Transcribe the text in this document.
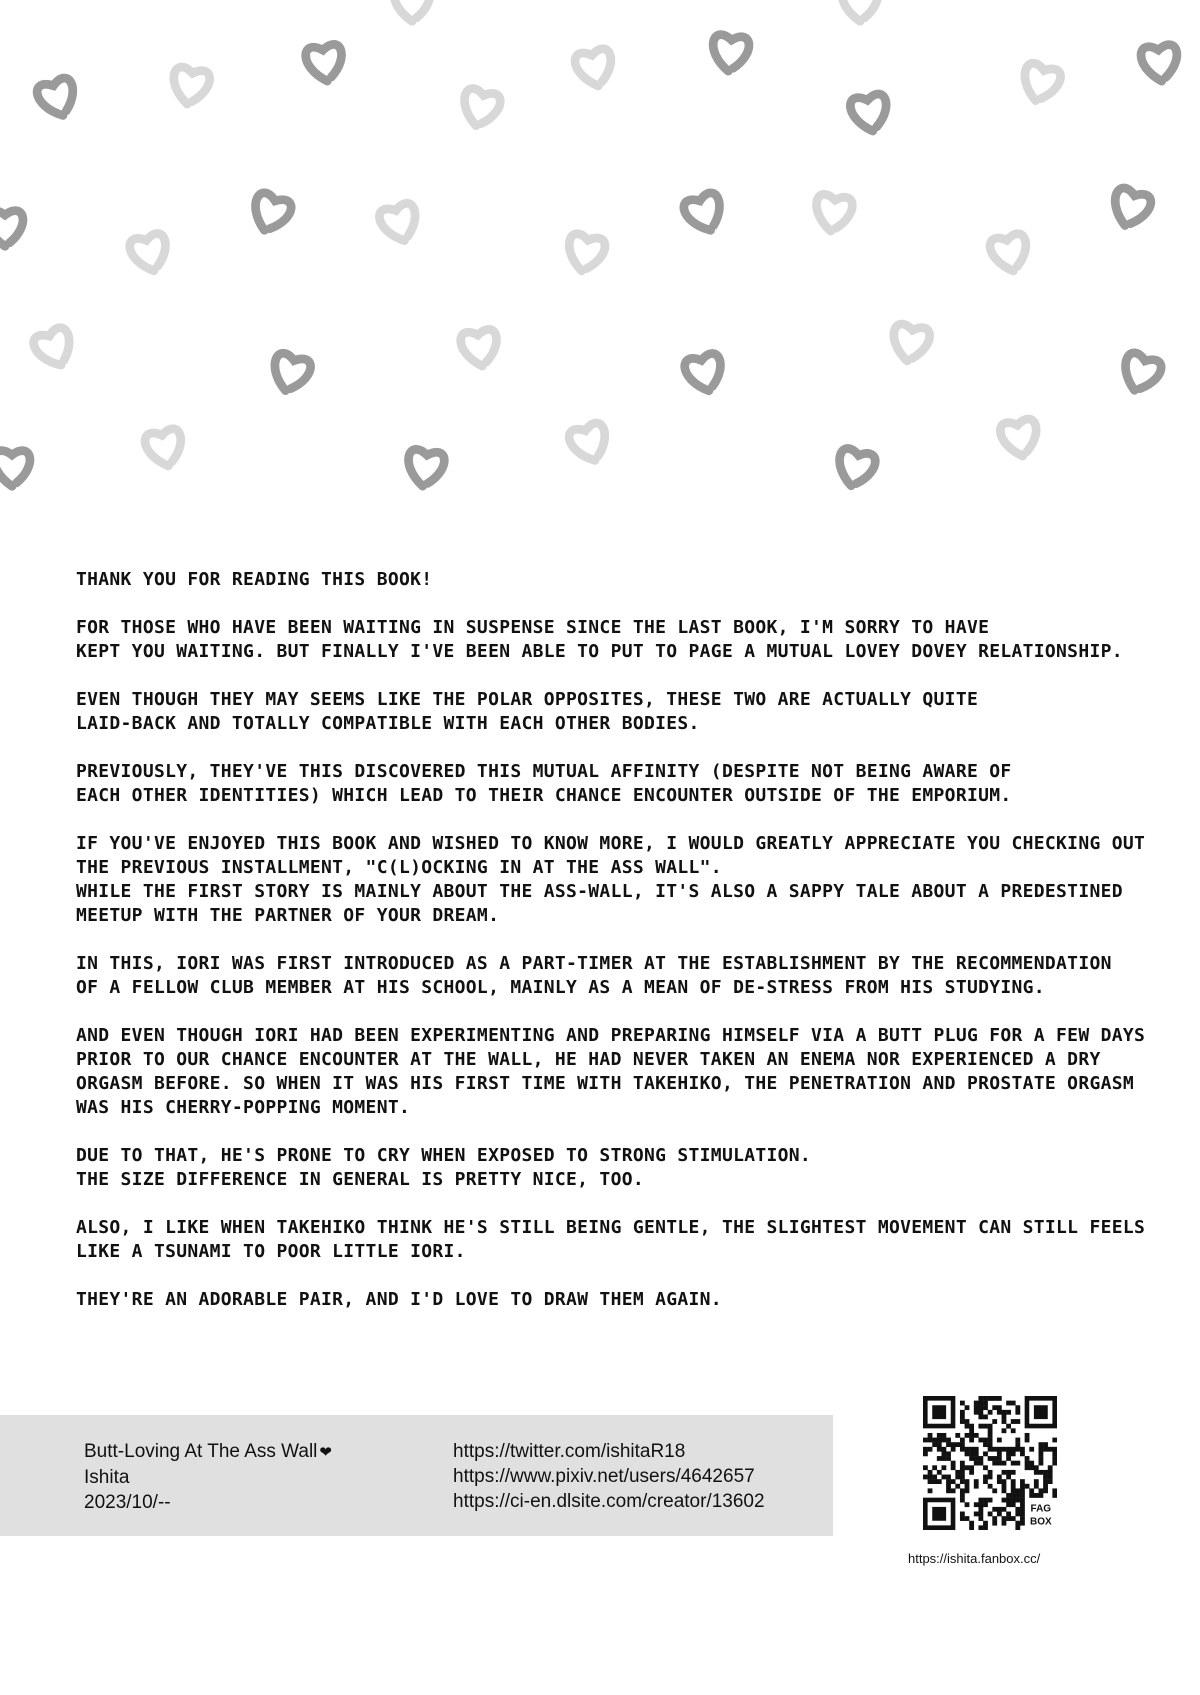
THANK YOU FOR READING THIS BOOK!

FOR THOSE WHO HAVE BEEN WAITING IN SUSPENSE SINCE THE LAST BOOK, I'M SORRY TO HAVE
KEPT YOU WAITING. BUT FINALLY I'VE BEEN ABLE TO PUT TO PAGE A MUTUAL LOVEY DOVEY RELATIONSHIP.

EVEN THOUGH THEY MAY SEEMS LIKE THE POLAR OPPOSITES, THESE TWO ARE ACTUALLY QUITE
LAID-BACK AND TOTALLY COMPATIBLE WITH EACH OTHER BODIES.

PREVIOUSLY, THEY'VE THIS DISCOVERED THIS MUTUAL AFFINITY (DESPITE NOT BEING AWARE OF
EACH OTHER IDENTITIES) WHICH LEAD TO THEIR CHANCE ENCOUNTER OUTSIDE OF THE EMPORIUM.

IF YOU'VE ENJOYED THIS BOOK AND WISHED TO KNOW MORE, I WOULD GREATLY APPRECIATE YOU CHECKING OUT
THE PREVIOUS INSTALLMENT, "C(L)OCKING IN AT THE ASS WALL".
WHILE THE FIRST STORY IS MAINLY ABOUT THE ASS-WALL, IT'S ALSO A SAPPY TALE ABOUT A PREDESTINED
MEETUP WITH THE PARTNER OF YOUR DREAM.

IN THIS, IORI WAS FIRST INTRODUCED AS A PART-TIMER AT THE ESTABLISHMENT BY THE RECOMMENDATION
OF A FELLOW CLUB MEMBER AT HIS SCHOOL, MAINLY AS A MEAN OF DE-STRESS FROM HIS STUDYING.

AND EVEN THOUGH IORI HAD BEEN EXPERIMENTING AND PREPARING HIMSELF VIA A BUTT PLUG FOR A FEW DAYS
PRIOR TO OUR CHANCE ENCOUNTER AT THE WALL, HE HAD NEVER TAKEN AN ENEMA NOR EXPERIENCED A DRY
ORGASM BEFORE. SO WHEN IT WAS HIS FIRST TIME WITH TAKEHIKO, THE PENETRATION AND PROSTATE ORGASM
WAS HIS CHERRY-POPPING MOMENT.

DUE TO THAT, HE'S PRONE TO CRY WHEN EXPOSED TO STRONG STIMULATION.
THE SIZE DIFFERENCE IN GENERAL IS PRETTY NICE, TOO.

ALSO, I LIKE WHEN TAKEHIKO THINK HE'S STILL BEING GENTLE, THE SLIGHTEST MOVEMENT CAN STILL FEELS
LIKE A TSUNAMI TO POOR LITTLE IORI.

THEY'RE AN ADORABLE PAIR, AND I'D LOVE TO DRAW THEM AGAIN.

Butt-Loving At The Ass Wall ❤
Ishita
2023/10/--
https://twitter.com/ishitaR18
https://www.pixiv.net/users/4642657
https://ci-en.dlsite.com/creator/13602	FAG
BOX
https://ishita.fanbox.cc/
